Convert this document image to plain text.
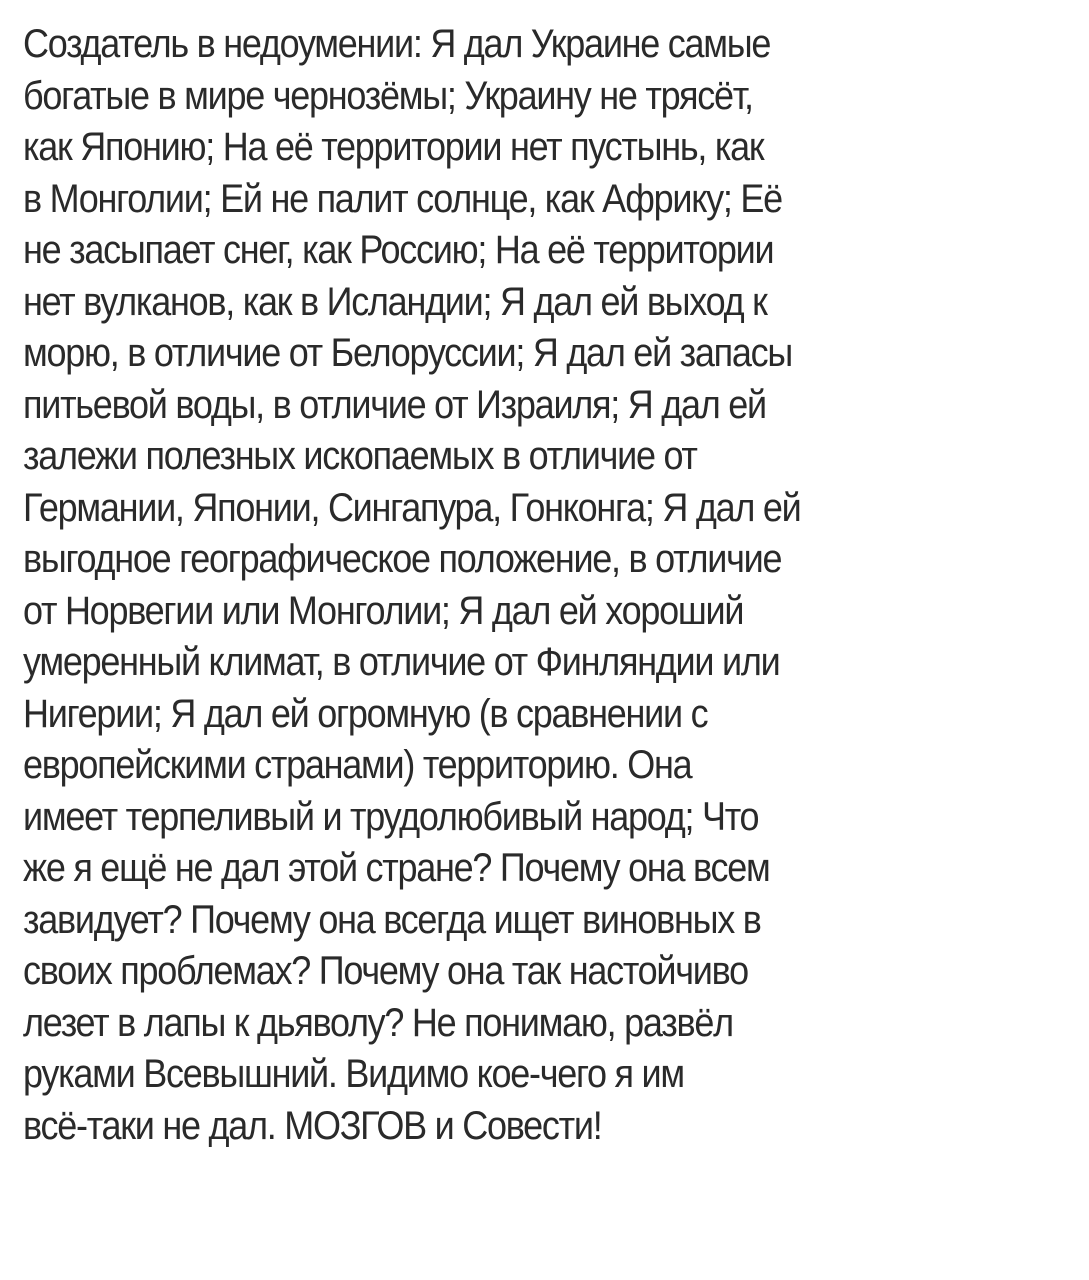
Создатель в недоумении: Я дал Украине самые
богатые в мире чернозёмы; Украину не трясёт,
как Японию; На её территории нет пустынь, как
в Монголии; Ей не палит солнце, как Африку; Её
не засыпает снег, как Россию; На её территории
нет вулканов, как в Исландии; Я дал ей выход к
морю, в отличие от Белоруссии; Я дал ей запасы
питьевой воды, в отличие от Израиля; Я дал ей
залежи полезных ископаемых в отличие от
Германии, Японии, Сингапура, Гонконга; Я дал ей
выгодное географическое положение, в отличие
от Норвегии или Монголии; Я дал ей хороший
умеренный климат, в отличие от Финляндии или
Нигерии; Я дал ей огромную (в сравнении с
европейскими странами) территорию. Она
имеет терпеливый и трудолюбивый народ; Что
же я ещё не дал этой стране? Почему она всем
завидует? Почему она всегда ищет виновных в
своих проблемах? Почему она так настойчиво
лезет в лапы к дьяволу? Не понимаю, развёл
руками Всевышний. Видимо кое-чего я им
всё-таки не дал. МОЗГОВ и Совести!
